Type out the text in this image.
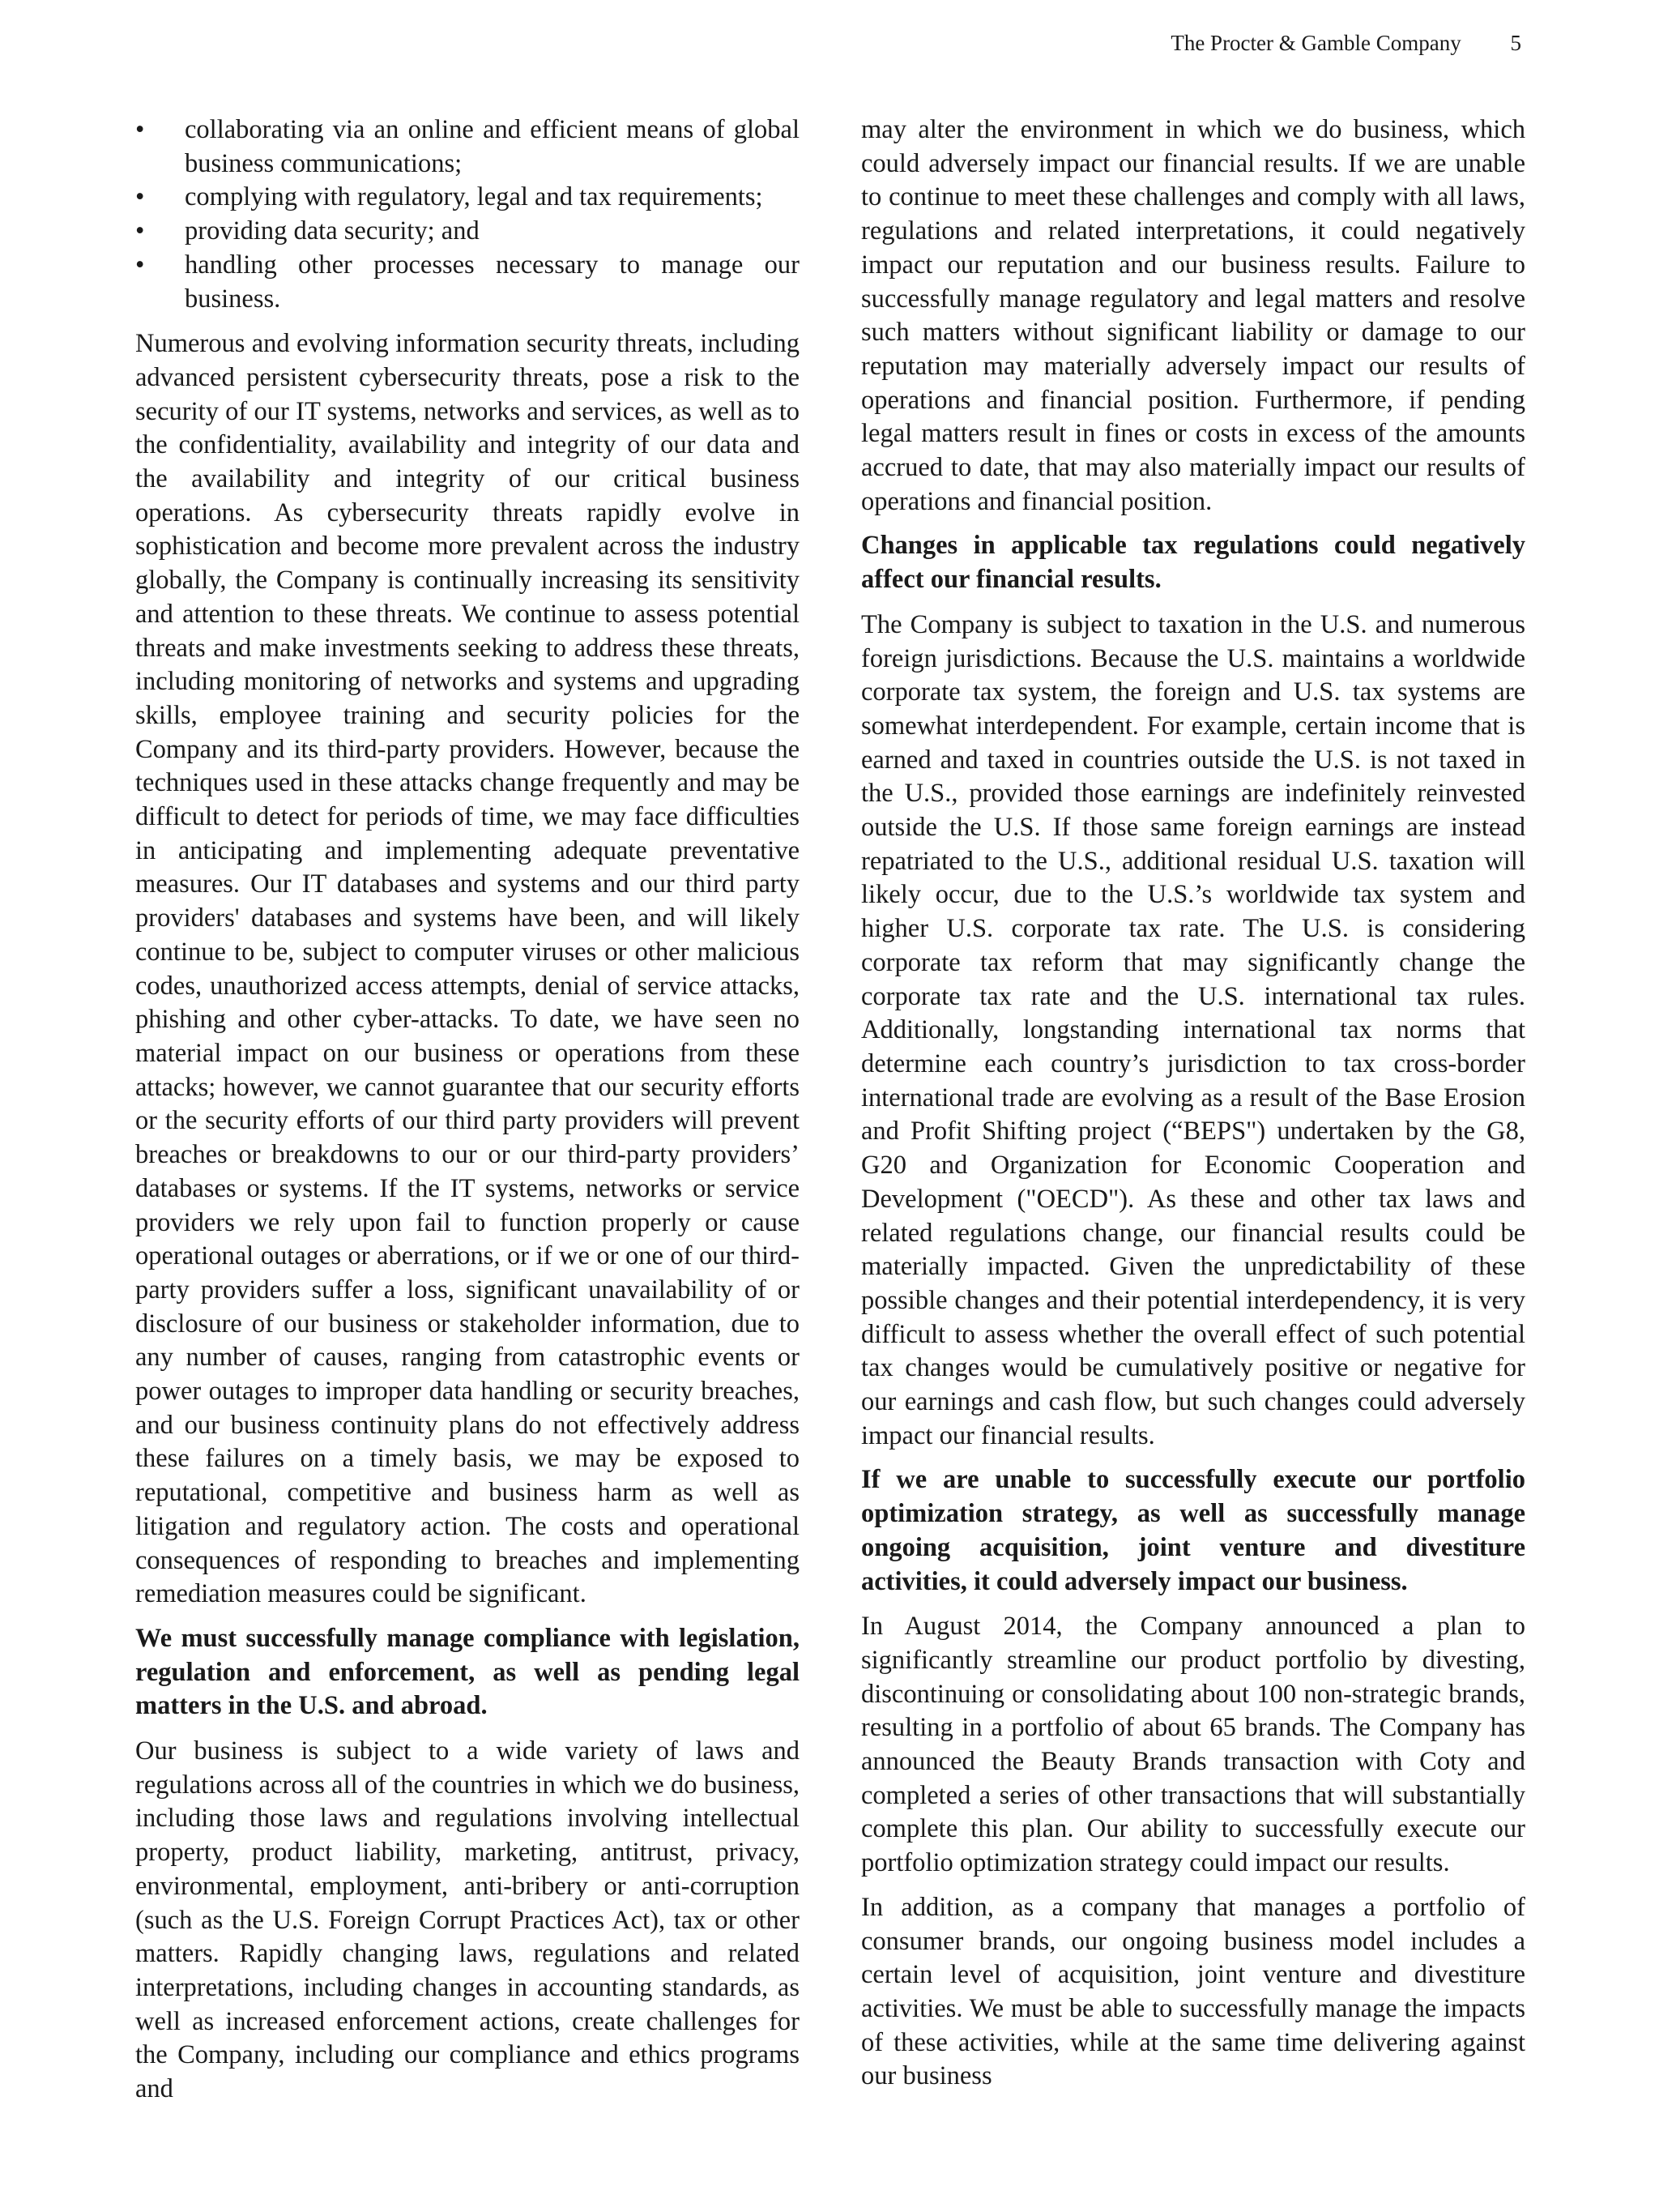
The Procter & Gamble Company 5
• collaborating via an online and efficient means of global business communications;
• complying with regulatory, legal and tax requirements;
• providing data security; and
• handling other processes necessary to manage our business.

Numerous and evolving information security threats, including advanced persistent cybersecurity threats, pose a risk to the security of our IT systems, networks and services, as well as to the confidentiality, availability and integrity of our data and the availability and integrity of our critical business operations. As cybersecurity threats rapidly evolve in sophistication and become more prevalent across the industry globally, the Company is continually increasing its sensitivity and attention to these threats. We continue to assess potential threats and make investments seeking to address these threats, including monitoring of networks and systems and upgrading skills, employee training and security policies for the Company and its third-party providers. However, because the techniques used in these attacks change frequently and may be difficult to detect for periods of time, we may face difficulties in anticipating and implementing adequate preventative measures. Our IT databases and systems and our third party providers' databases and systems have been, and will likely continue to be, subject to computer viruses or other malicious codes, unauthorized access attempts, denial of service attacks, phishing and other cyber-attacks. To date, we have seen no material impact on our business or operations from these attacks; however, we cannot guarantee that our security efforts or the security efforts of our third party providers will prevent breaches or breakdowns to our or our third-party providers’ databases or systems. If the IT systems, networks or service providers we rely upon fail to function properly or cause operational outages or aberrations, or if we or one of our third-party providers suffer a loss, significant unavailability of or disclosure of our business or stakeholder information, due to any number of causes, ranging from catastrophic events or power outages to improper data handling or security breaches, and our business continuity plans do not effectively address these failures on a timely basis, we may be exposed to reputational, competitive and business harm as well as litigation and regulatory action. The costs and operational consequences of responding to breaches and implementing remediation measures could be significant.

We must successfully manage compliance with legislation, regulation and enforcement, as well as pending legal matters in the U.S. and abroad.

Our business is subject to a wide variety of laws and regulations across all of the countries in which we do business, including those laws and regulations involving intellectual property, product liability, marketing, antitrust, privacy, environmental, employment, anti-bribery or anti-corruption (such as the U.S. Foreign Corrupt Practices Act), tax or other matters. Rapidly changing laws, regulations and related interpretations, including changes in accounting standards, as well as increased enforcement actions, create challenges for the Company, including our compliance and ethics programs and

may alter the environment in which we do business, which could adversely impact our financial results. If we are unable to continue to meet these challenges and comply with all laws, regulations and related interpretations, it could negatively impact our reputation and our business results. Failure to successfully manage regulatory and legal matters and resolve such matters without significant liability or damage to our reputation may materially adversely impact our results of operations and financial position. Furthermore, if pending legal matters result in fines or costs in excess of the amounts accrued to date, that may also materially impact our results of operations and financial position.

Changes in applicable tax regulations could negatively affect our financial results.

The Company is subject to taxation in the U.S. and numerous foreign jurisdictions. Because the U.S. maintains a worldwide corporate tax system, the foreign and U.S. tax systems are somewhat interdependent. For example, certain income that is earned and taxed in countries outside the U.S. is not taxed in the U.S., provided those earnings are indefinitely reinvested outside the U.S. If those same foreign earnings are instead repatriated to the U.S., additional residual U.S. taxation will likely occur, due to the U.S.’s worldwide tax system and higher U.S. corporate tax rate. The U.S. is considering corporate tax reform that may significantly change the corporate tax rate and the U.S. international tax rules. Additionally, longstanding international tax norms that determine each country’s jurisdiction to tax cross-border international trade are evolving as a result of the Base Erosion and Profit Shifting project (“BEPS") undertaken by the G8, G20 and Organization for Economic Cooperation and Development ("OECD"). As these and other tax laws and related regulations change, our financial results could be materially impacted. Given the unpredictability of these possible changes and their potential interdependency, it is very difficult to assess whether the overall effect of such potential tax changes would be cumulatively positive or negative for our earnings and cash flow, but such changes could adversely impact our financial results.

If we are unable to successfully execute our portfolio optimization strategy, as well as successfully manage ongoing acquisition, joint venture and divestiture activities, it could adversely impact our business.

In August 2014, the Company announced a plan to significantly streamline our product portfolio by divesting, discontinuing or consolidating about 100 non-strategic brands, resulting in a portfolio of about 65 brands. The Company has announced the Beauty Brands transaction with Coty and completed a series of other transactions that will substantially complete this plan. Our ability to successfully execute our portfolio optimization strategy could impact our results.

In addition, as a company that manages a portfolio of consumer brands, our ongoing business model includes a certain level of acquisition, joint venture and divestiture activities. We must be able to successfully manage the impacts of these activities, while at the same time delivering against our business
